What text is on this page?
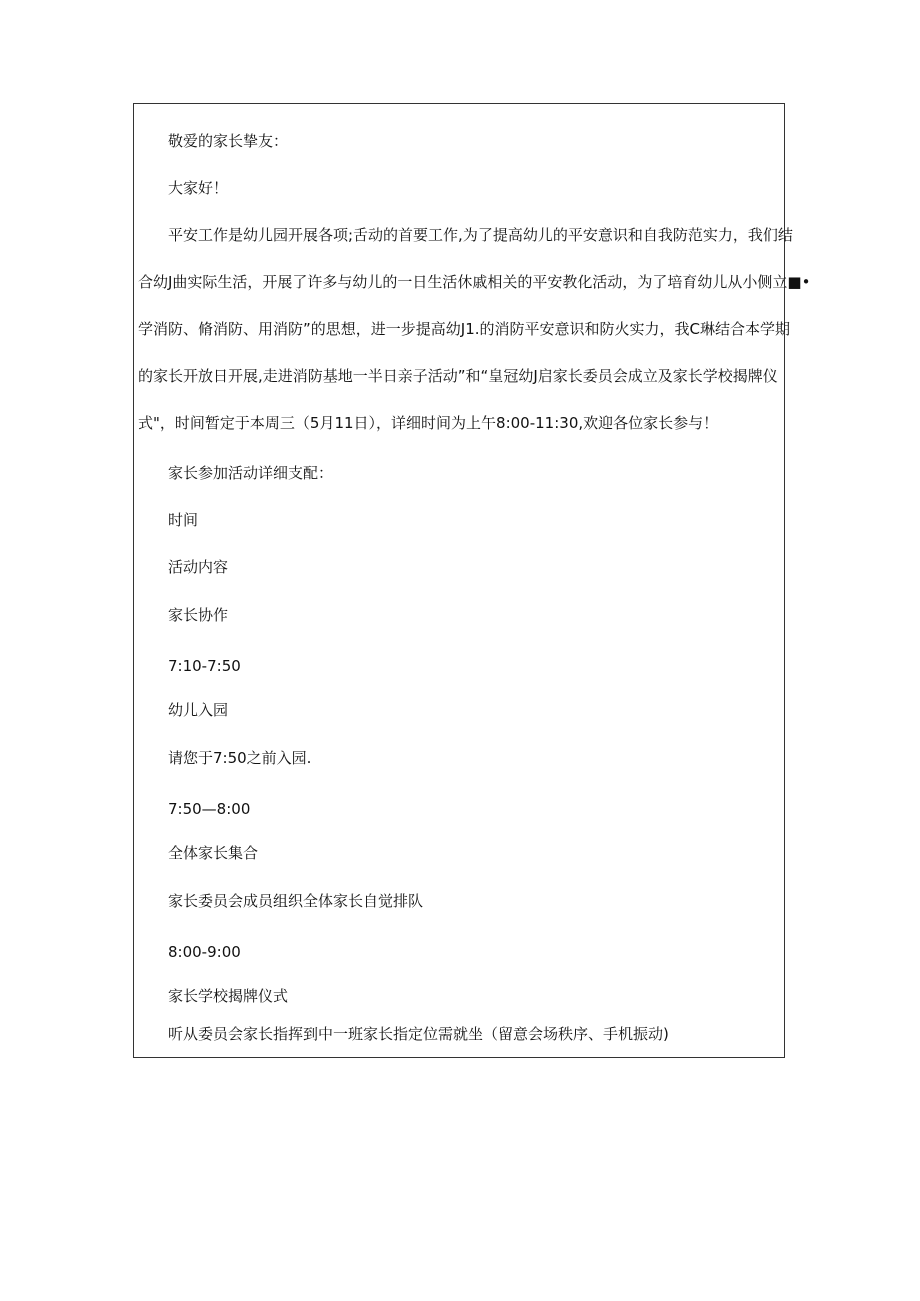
敬爱的家长挚友：
大家好！
平安工作是幼儿园开展各项;舌动的首要工作,为了提高幼儿的平安意识和自我防范实力，我们结
合幼J曲实际生活，开展了许多与幼儿的一日生活休戚相关的平安教化活动，为了培育幼儿从小侧立■•
学消防、脩消防、用消防”的思想，进一步提高幼J1.的消防平安意识和防火实力，我C琳结合本学期
的家长开放日开展,走进消防基地一半日亲子活动”和“皇冠幼J启家长委员会成立及家长学校揭牌仪
式"，时间暂定于本周三（5月11日），详细时间为上午8:00-11:30,欢迎各位家长参与！
家长参加活动详细支配：
时间
活动内容
家长协作
7:10-7:50
幼儿入园
请您于7:50之前入园.
7:50—8:00
全体家长集合
家长委员会成员组织全体家长自觉排队
8:00-9:00
家长学校揭牌仪式
听从委员会家长指挥到中一班家长指定位需就坐（留意会场秩序、手机振动)
